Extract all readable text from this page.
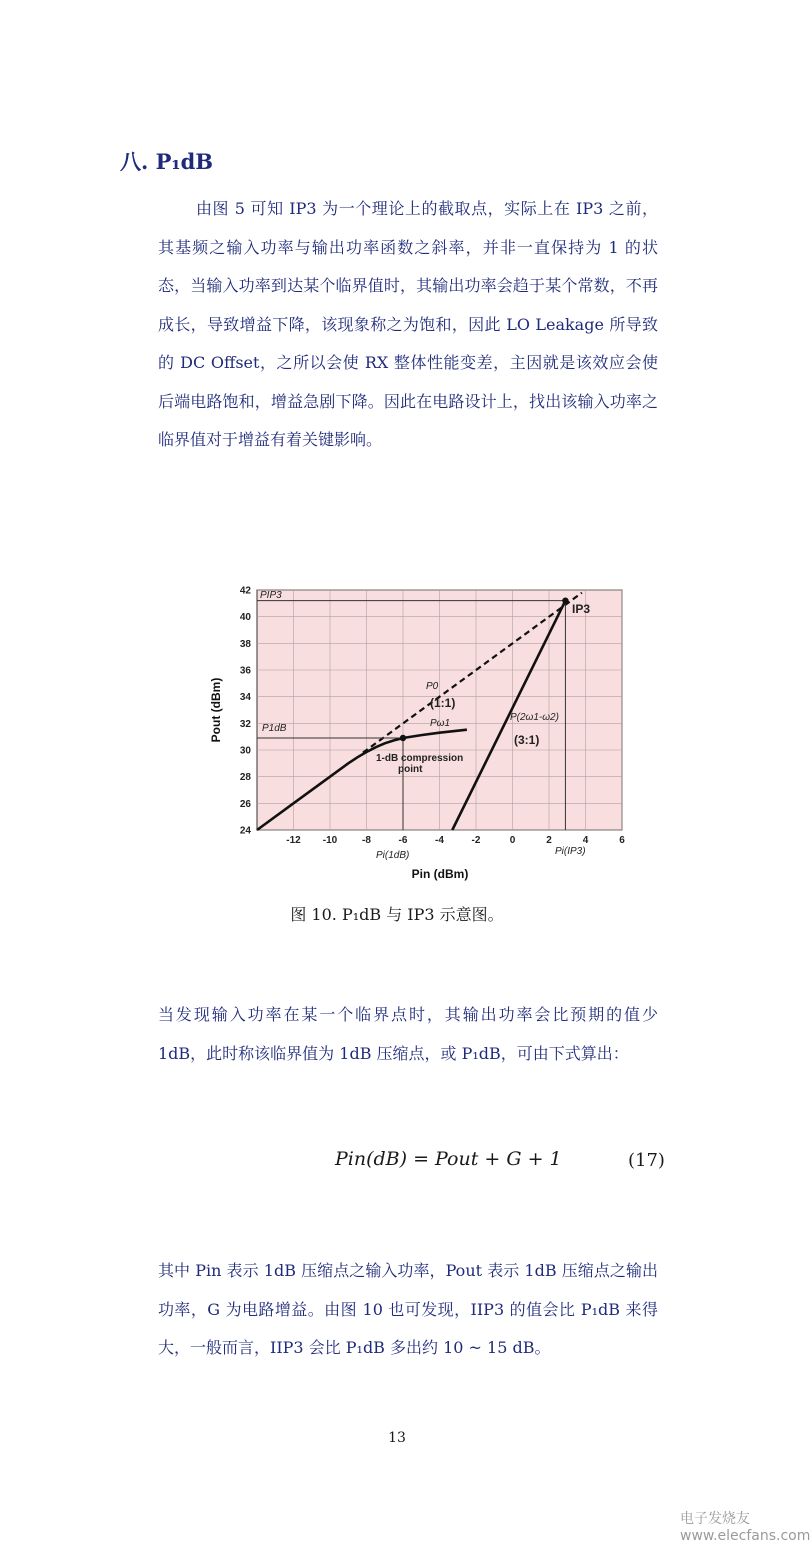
八. P₁dB
由图 5 可知 IP3 为一个理论上的截取点，实际上在 IP3 之前，其基频之输入功率与输出功率函数之斜率，并非一直保持为 1 的状态，当输入功率到达某个临界值时，其输出功率会趋于某个常数，不再成长，导致增益下降，该现象称之为饱和，因此 LO Leakage 所导致的 DC Offset，之所以会使 RX 整体性能变差，主因就是该效应会使后端电路饱和，增益急剧下降。因此在电路设计上，找出该输入功率之临界值对于增益有着关键影响。
-12 -10 -8	-6	-4	-2	0	2	4	6
24
26
28
30
32
34
36
38
40
42
Pin (dBm)
Pout (dBm)
PIP3
P1dB
P0
(1:1)
Pω1
P(2ω1-ω2)
(3:1)
IP3
1-dB compression
point
Pi(1dB)	Pi(IP3)
图 10. P₁dB 与 IP3 示意图。
当发现输入功率在某一个临界点时，其输出功率会比预期的值少 1dB，此时称该临界值为 1dB 压缩点，或 P₁dB，可由下式算出：
Pin(dB) = Pout + G + 1	(17)
其中 Pin 表示 1dB 压缩点之输入功率，Pout 表示 1dB 压缩点之输出功率，G 为电路增益。由图 10 也可发现，IIP3 的值会比 P₁dB 来得大，一般而言，IIP3 会比 P₁dB 多出约 10 ~ 15 dB。
13
电子发烧友 www.elecfans.com
